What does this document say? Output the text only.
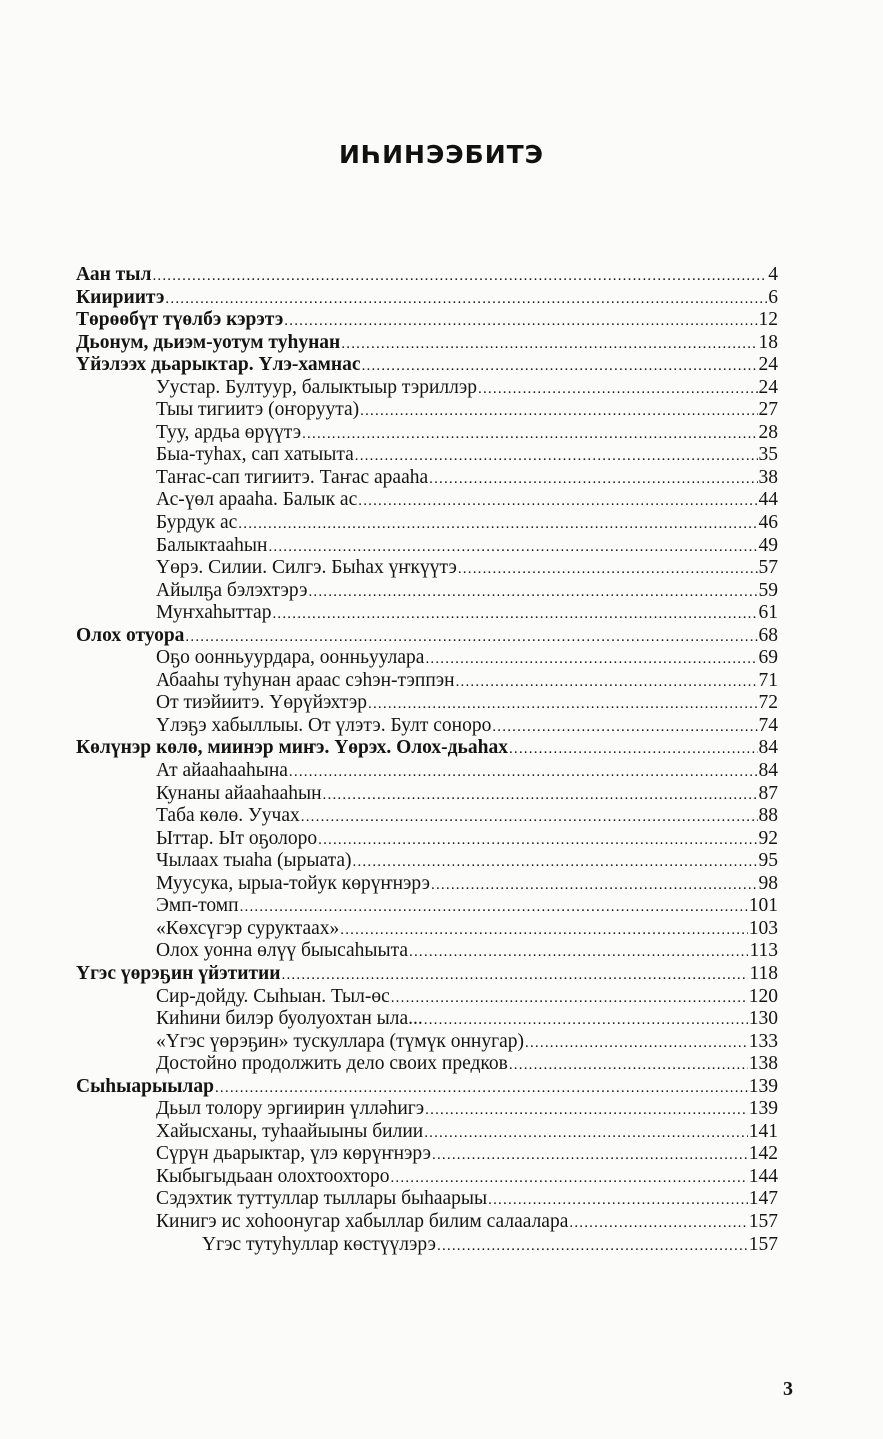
ИҺИНЭЭБИТЭ
Аан тыл .....	4
Киириитэ .....	6
Төрөөбүт түөлбэ кэрэтэ .....	12
Дьонум, дьиэм-уотум туһунан .....	18
Үйэлээх дьарыктар. Үлэ-хамнас .....	24
Уустар. Бултуур, балыктыыр тэриллэр .....	24
Тыы тигиитэ (оҥоруута) .....	27
Туу, ардьа өрүүтэ .....	28
Быа-туһах, сап хатыыта .....	35
Таҥас-сап тигиитэ. Таҥас арааһа .....	38
Ас-үөл арааһа. Балык ас .....	44
Бурдук ас .....	46
Балыктааһын .....	49
Үөрэ. Силии. Силгэ. Быһах үҥкүүтэ .....	57
Айылҕа бэлэхтэрэ .....	59
Муҥхаһыттар .....	61
Олох отуора .....	68
Оҕо оонньуурдара, оонньуулара .....	69
Абааһы туһунан араас сэһэн-тэппэн .....	71
От тиэйиитэ. Үөрүйэхтэр .....	72
Үлэҕэ хабыллыы. От үлэтэ. Булт соноро .....	74
Көлүнэр көлө, миинэр миҥэ. Үөрэх. Олох-дьаһах .....	84
Ат айааһааһына .....	84
Кунаны айааһааһын .....	87
Таба көлө. Уучах .....	88
Ыттар. Ыт оҕолоро .....	92
Чылаах тыаһа (ырыата) .....	95
Муусука, ырыа-тойук көрүҥнэрэ .....	98
Эмп-томп .....	101
«Көхсүгэр суруктаах» .....	103
Олох уонна өлүү быысаһыыта .....	113
Үгэс үөрэҕин үйэтитии .....	118
Сир-дойду. Сыһыан. Тыл-өс .....	120
Киһини билэр буолуохтан ыла... .....	130
«Үгэс үөрэҕин» тускуллара (түмүк оннугар) .....	133
Достойно продолжить дело своих предков .....	138
Сыһыарыылар .....	139
Дьыл толору эргиирин үлләһигэ .....	139
Хайысханы, туһаайыыны билии .....	141
Сүрүн дьарыктар, үлэ көрүҥнэрэ .....	142
Кыбыгыдьаан олохтоохторо .....	144
Сэдэхтик туттуллар тыллары быһаарыы .....	147
Кинигэ ис хоһоонугар хабыллар билим салаалара .....	157
Үгэс тутуһуллар көстүүлэрэ .....	157
3
